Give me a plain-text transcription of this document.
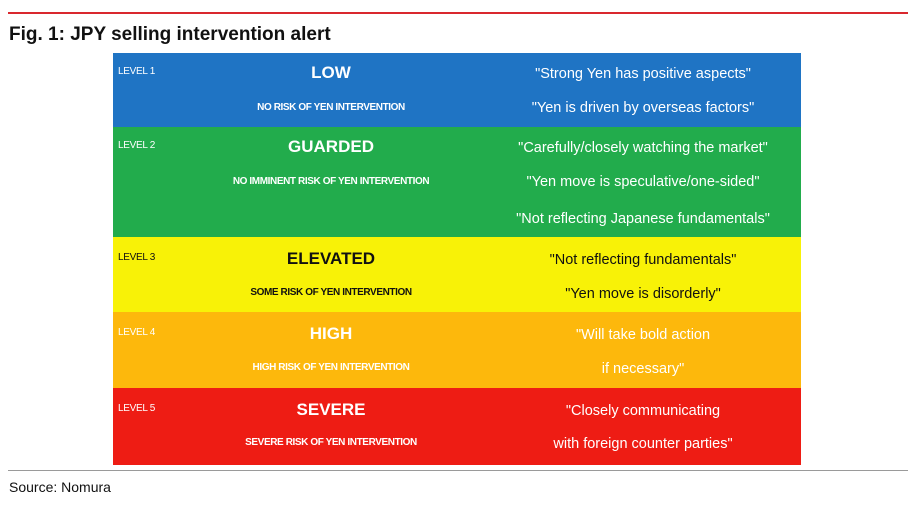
Fig. 1: JPY selling intervention alert
LEVEL 1	LOW
NO RISK OF YEN INTERVENTION
"Strong Yen has positive aspects"
"Yen is driven by overseas factors"
LEVEL 2	GUARDED
NO IMMINENT RISK OF YEN INTERVENTION
"Carefully/closely watching the market"
"Yen move is speculative/one-sided"
"Not reflecting Japanese fundamentals"
LEVEL 3	ELEVATED
SOME RISK OF YEN INTERVENTION
"Not reflecting fundamentals"
"Yen move is disorderly"
LEVEL 4	HIGH
HIGH RISK OF YEN INTERVENTION
"Will take bold action
if necessary"
LEVEL 5	SEVERE
SEVERE RISK OF YEN INTERVENTION
"Closely communicating
with foreign counter parties"
Source: Nomura
